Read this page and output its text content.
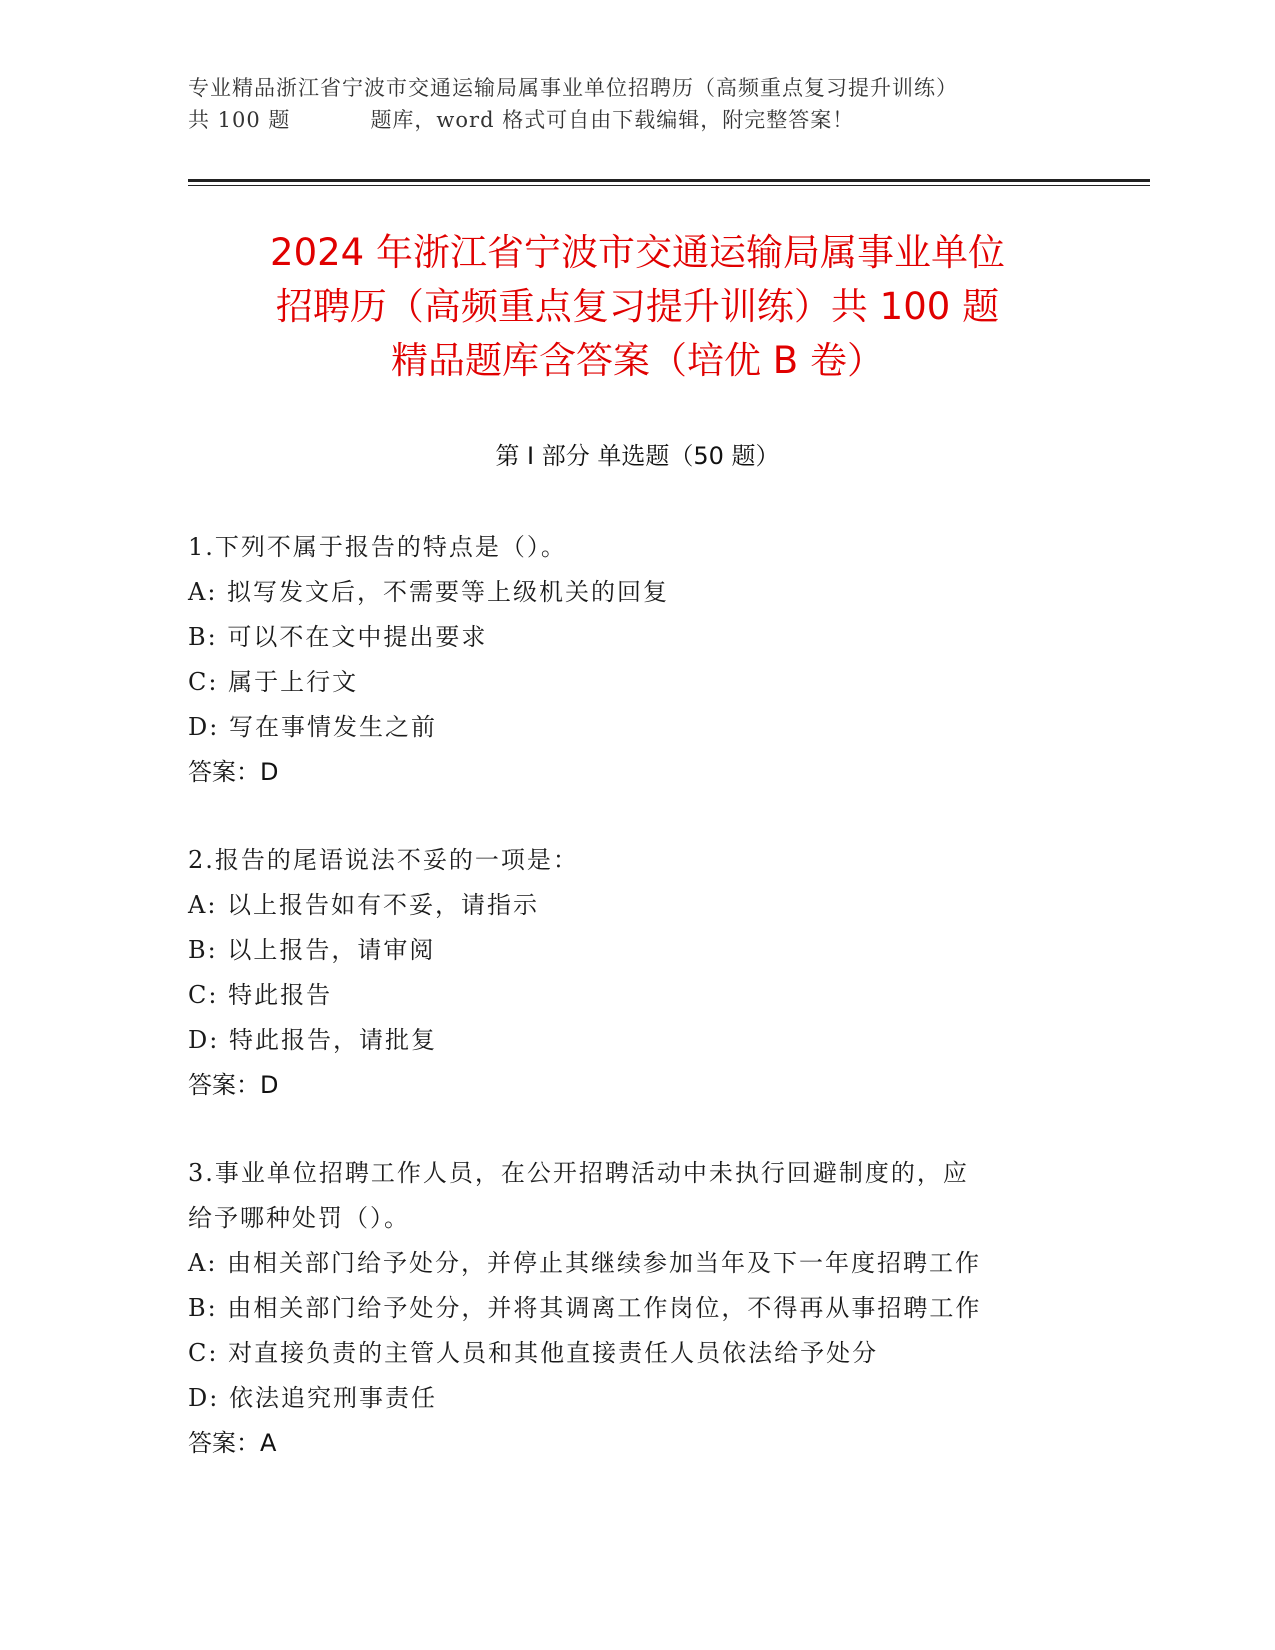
专业精品浙江省宁波市交通运输局属事业单位招聘历（高频重点复习提升训练）
共 100 题	题库，word 格式可自由下载编辑，附完整答案！
2024 年浙江省宁波市交通运输局属事业单位
招聘历（高频重点复习提升训练）共 100 题
精品题库含答案（培优 B 卷）
第 I 部分 单选题（50 题）
1.下列不属于报告的特点是（）。
A: 拟写发文后，不需要等上级机关的回复
B: 可以不在文中提出要求
C: 属于上行文
D: 写在事情发生之前
答案：D
2.报告的尾语说法不妥的一项是：
A: 以上报告如有不妥，请指示
B: 以上报告，请审阅
C: 特此报告
D: 特此报告，请批复
答案：D
3.事业单位招聘工作人员，在公开招聘活动中未执行回避制度的，应
给予哪种处罚（）。
A: 由相关部门给予处分，并停止其继续参加当年及下一年度招聘工作
B: 由相关部门给予处分，并将其调离工作岗位，不得再从事招聘工作
C: 对直接负责的主管人员和其他直接责任人员依法给予处分
D: 依法追究刑事责任
答案：A
